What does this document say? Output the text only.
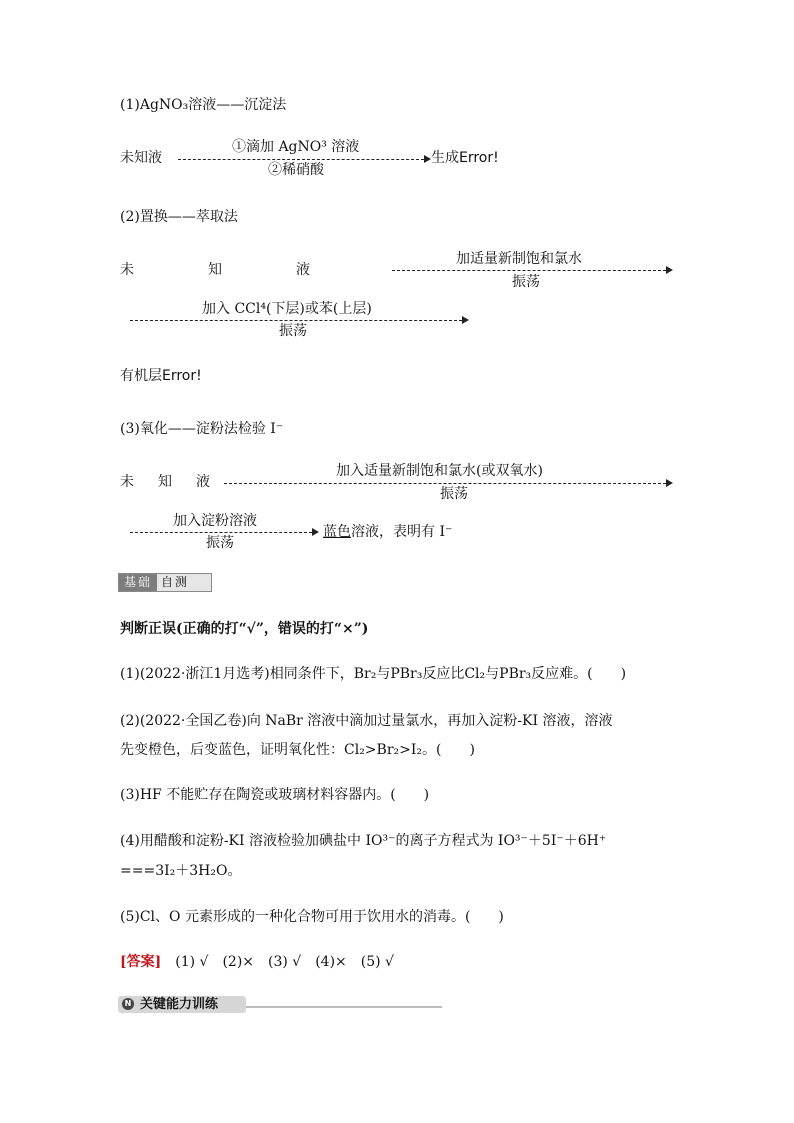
(1)AgNO₃溶液——沉淀法
未知液
①滴加 AgNO³ 溶液
②稀硝酸
生成Error!
(2)置换——萃取法
未	知	液
加适量新制饱和氯水
振荡
加入 CCl⁴(下层)或苯(上层)
振荡
有机层Error!
(3)氧化——淀粉法检验 I⁻
未 知 液
加入适量新制饱和氯水(或双氧水)
振荡
加入淀粉溶液
振荡
蓝色溶液，表明有 I⁻
基础 自测
判断正误(正确的打“√”，错误的打“×”)
(1)(2022·浙江1月选考)相同条件下，Br₂与PBr₃反应比Cl₂与PBr₃反应难。(　　)
(2)(2022·全国乙卷)向 NaBr 溶液中滴加过量氯水，再加入淀粉-KI 溶液，溶液
先变橙色，后变蓝色，证明氧化性：Cl₂>Br₂>I₂。(　　)
(3)HF 不能贮存在陶瓷或玻璃材料容器内。(　　)
(4)用醋酸和淀粉-KI 溶液检验加碘盐中 IO³⁻的离子方程式为 IO³⁻＋5I⁻＋6H⁺
===3I₂＋3H₂O。
(5)Cl、O 元素形成的一种化合物可用于饮用水的消毒。(　　)
[答案]　 (1) √　(2)×　(3) √　(4)×　(5) √
N 关键能力训练
